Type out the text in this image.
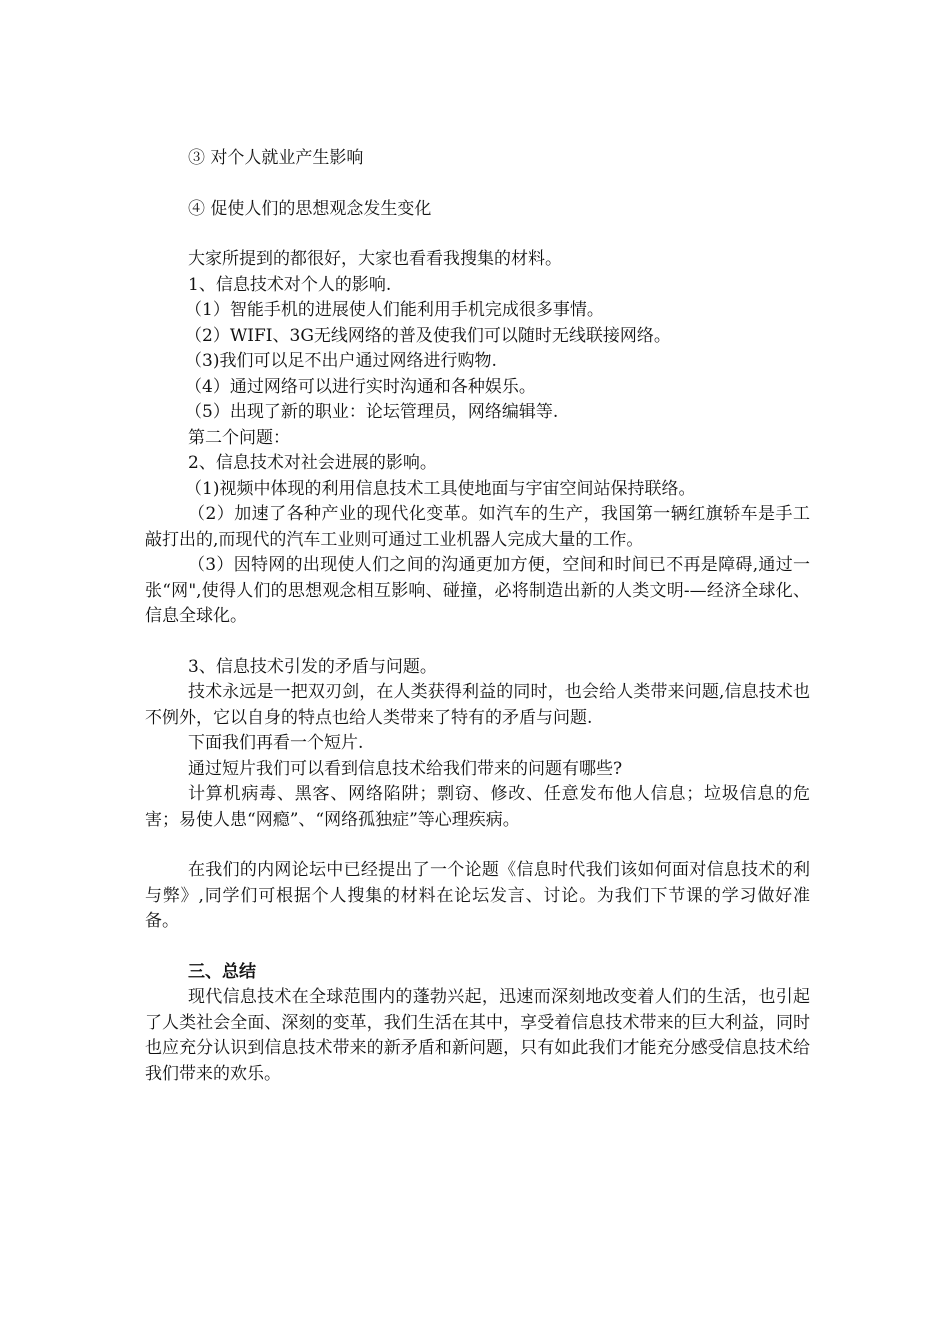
③ 对个人就业产生影响
④ 促使人们的思想观念发生变化
大家所提到的都很好，大家也看看我搜集的材料。
1、信息技术对个人的影响.
（1）智能手机的进展使人们能利用手机完成很多事情。
（2）WIFI、3G无线网络的普及使我们可以随时无线联接网络。
（3)我们可以足不出户通过网络进行购物.
（4）通过网络可以进行实时沟通和各种娱乐。
（5）出现了新的职业：论坛管理员，网络编辑等.
第二个问题：
2、信息技术对社会进展的影响。
（1)视频中体现的利用信息技术工具使地面与宇宙空间站保持联络。
（2）加速了各种产业的现代化变革。如汽车的生产，我国第一辆红旗轿车是手工敲打出的,而现代的汽车工业则可通过工业机器人完成大量的工作。
（3）因特网的出现使人们之间的沟通更加方便，空间和时间已不再是障碍,通过一张“网",使得人们的思想观念相互影响、碰撞，必将制造出新的人类文明-—经济全球化、信息全球化。
3、信息技术引发的矛盾与问题。
技术永远是一把双刃剑，在人类获得利益的同时，也会给人类带来问题,信息技术也不例外，它以自身的特点也给人类带来了特有的矛盾与问题.
下面我们再看一个短片.
通过短片我们可以看到信息技术给我们带来的问题有哪些?
计算机病毒、黑客、网络陷阱；剽窃、修改、任意发布他人信息；垃圾信息的危害；易使人患“网瘾”、“网络孤独症”等心理疾病。
在我们的内网论坛中已经提出了一个论题《信息时代我们该如何面对信息技术的利与弊》,同学们可根据个人搜集的材料在论坛发言、讨论。为我们下节课的学习做好准备。
三、总结
现代信息技术在全球范围内的蓬勃兴起，迅速而深刻地改变着人们的生活，也引起了人类社会全面、深刻的变革，我们生活在其中，享受着信息技术带来的巨大利益，同时也应充分认识到信息技术带来的新矛盾和新问题，只有如此我们才能充分感受信息技术给我们带来的欢乐。
